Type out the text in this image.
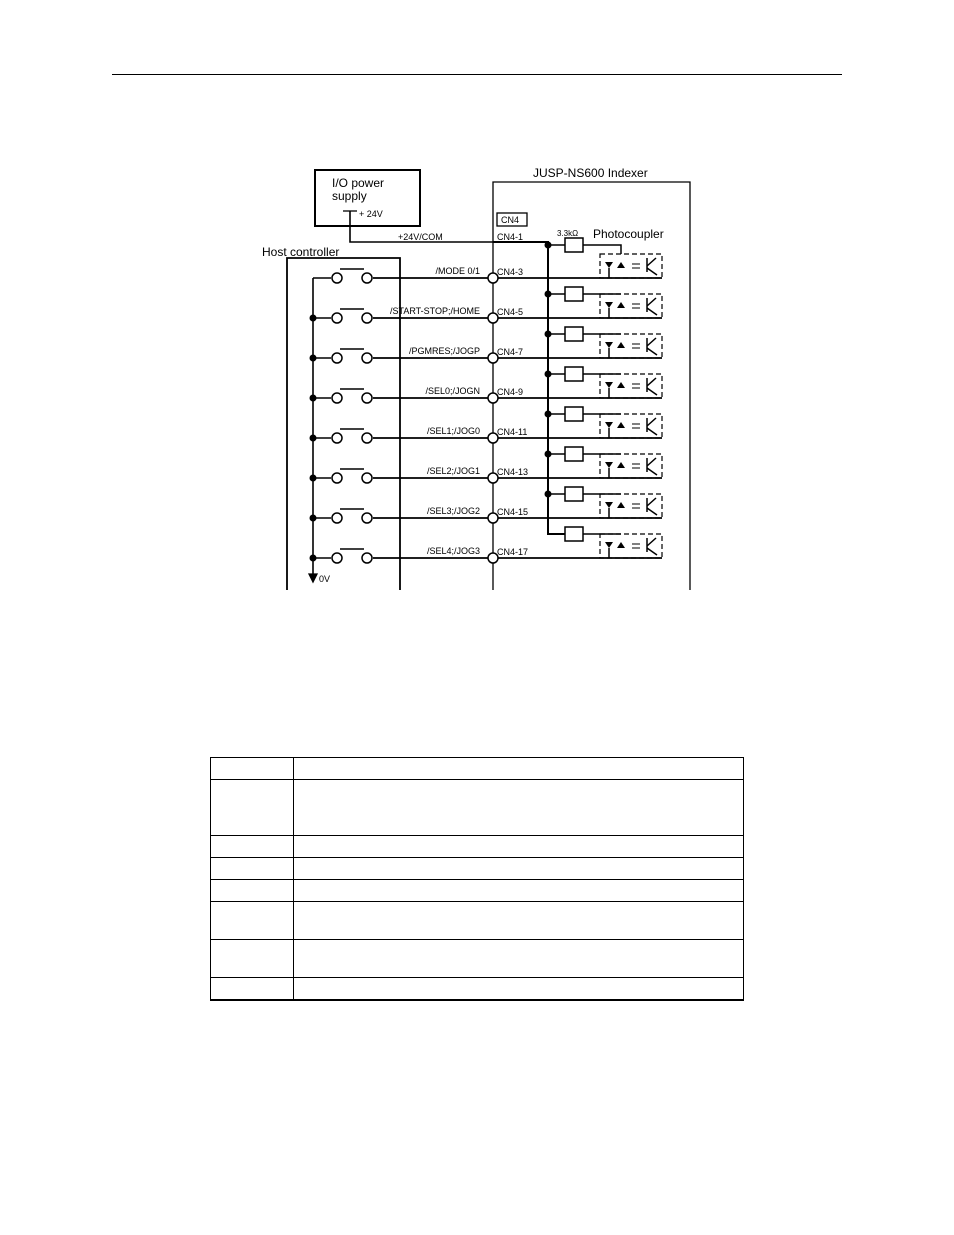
/MODE 0/1 CN4-3
/START-STOP;/HOME CN4-5
/PGMRES;/JOGP CN4-7
/SEL0;/JOGN CN4-9
/SEL1;/JOG0 CN4-11
/SEL2;/JOG1 CN4-13
/SEL3;/JOG2 CN4-15
/SEL4;/JOG3 CN4-17
I/O power
supply
+ 24V
JUSP-NS600 Indexer
CN4
+24V/COM	CN4-1	3.3kΩ Photocoupler
Host controller
0V
